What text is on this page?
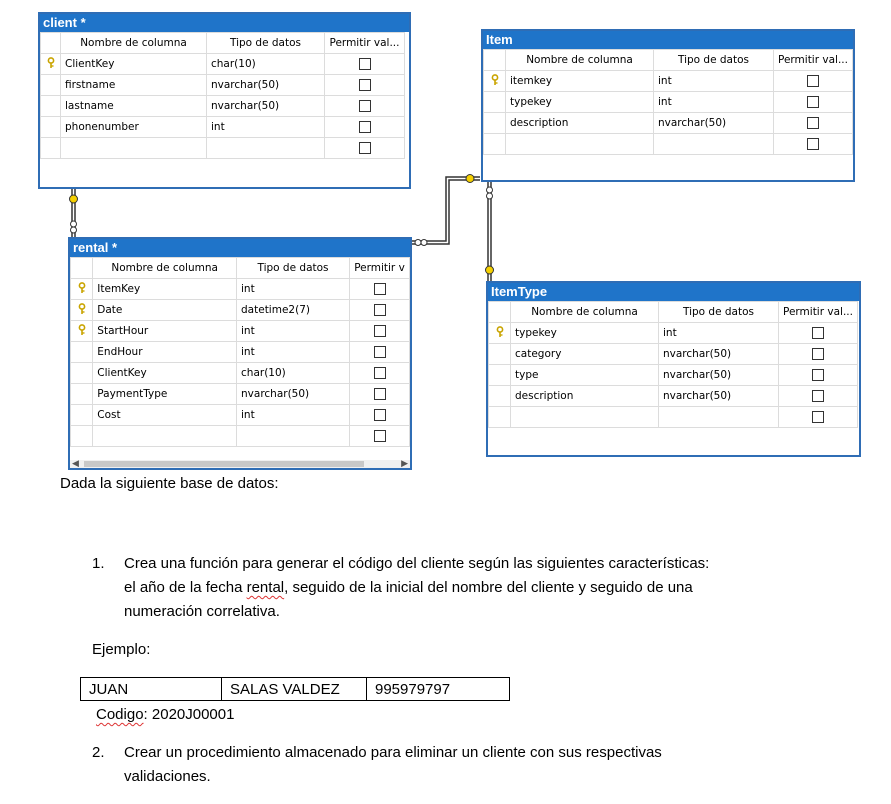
client *
	Nombre de columna	Tipo de datos	Permitir val...
	ClientKey	char(10)	
	firstname	nvarchar(50)	
	lastname	nvarchar(50)	
	phonenumber	int	

Item
	Nombre de columna	Tipo de datos	Permitir val...
	itemkey	int	
	typekey	int	
	description	nvarchar(50)	

rental *
	Nombre de columna	Tipo de datos	Permitir v
	ItemKey	int	
	Date	datetime2(7)	
	StartHour	int	
	EndHour	int	
	ClientKey	char(10)	
	PaymentType	nvarchar(50)	
	Cost	int	

◀	▶
ItemType
	Nombre de columna	Tipo de datos	Permitir val...
	typekey	int	
	category	nvarchar(50)	
	type	nvarchar(50)	
	description	nvarchar(50)	

Dada la siguiente base de datos:
1. Crea una función para generar el código del cliente según las siguientes características:
el año de la fecha rental, seguido de la inicial del nombre del cliente y seguido de una
numeración correlativa.
Ejemplo:
JUAN	SALAS VALDEZ	995979797
Codigo: 2020J00001
2. Crear un procedimiento almacenado para eliminar un cliente con sus respectivas
validaciones.
